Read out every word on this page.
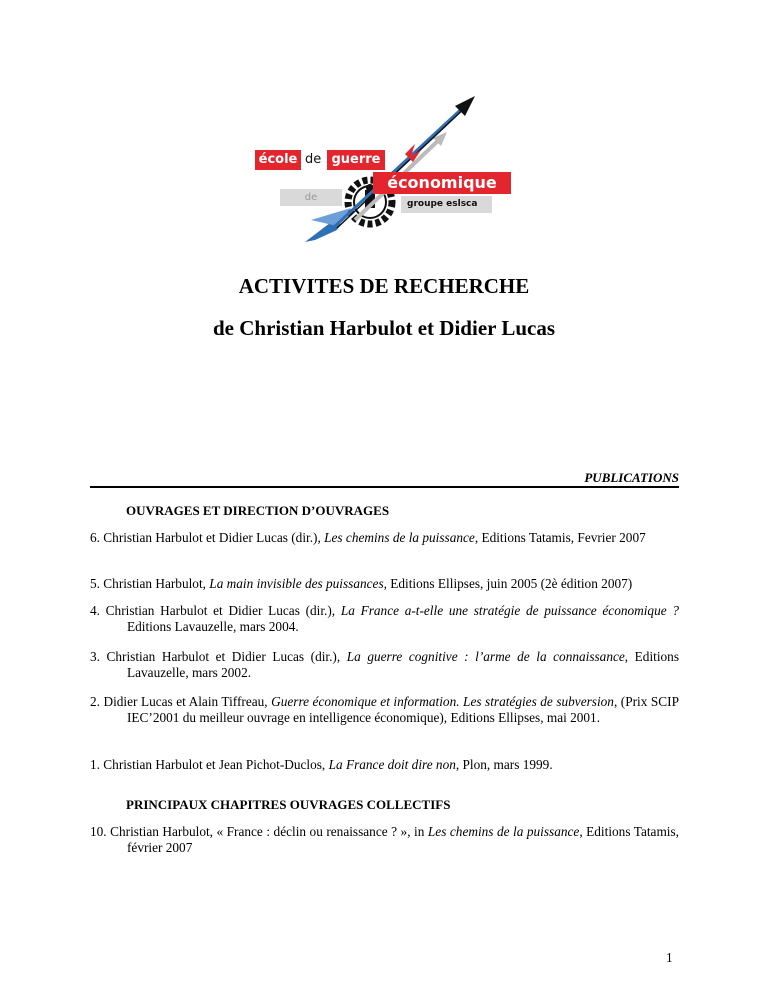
école de guerre
économique
de
groupe eslsca
ACTIVITES DE RECHERCHE
de Christian Harbulot et Didier Lucas
PUBLICATIONS
OUVRAGES ET DIRECTION D’OUVRAGES
6. Christian Harbulot et Didier Lucas (dir.), Les chemins de la puissance, Editions Tatamis, Fevrier 2007
5. Christian Harbulot, La main invisible des puissances, Editions Ellipses, juin 2005 (2è édition 2007)
4. Christian Harbulot et Didier Lucas (dir.), La France a-t-elle une stratégie de puissance économique ? Editions Lavauzelle, mars 2004.
3. Christian Harbulot et Didier Lucas (dir.), La guerre cognitive : l’arme de la connaissance, Editions Lavauzelle, mars 2002.
2. Didier Lucas et Alain Tiffreau, Guerre économique et information. Les stratégies de subversion, (Prix SCIP IEC’2001 du meilleur ouvrage en intelligence économique), Editions Ellipses, mai 2001.
1. Christian Harbulot et Jean Pichot-Duclos, La France doit dire non, Plon, mars 1999.
PRINCIPAUX CHAPITRES OUVRAGES COLLECTIFS
10. Christian Harbulot, « France : déclin ou renaissance ? », in Les chemins de la puissance, Editions Tatamis, février 2007
1
